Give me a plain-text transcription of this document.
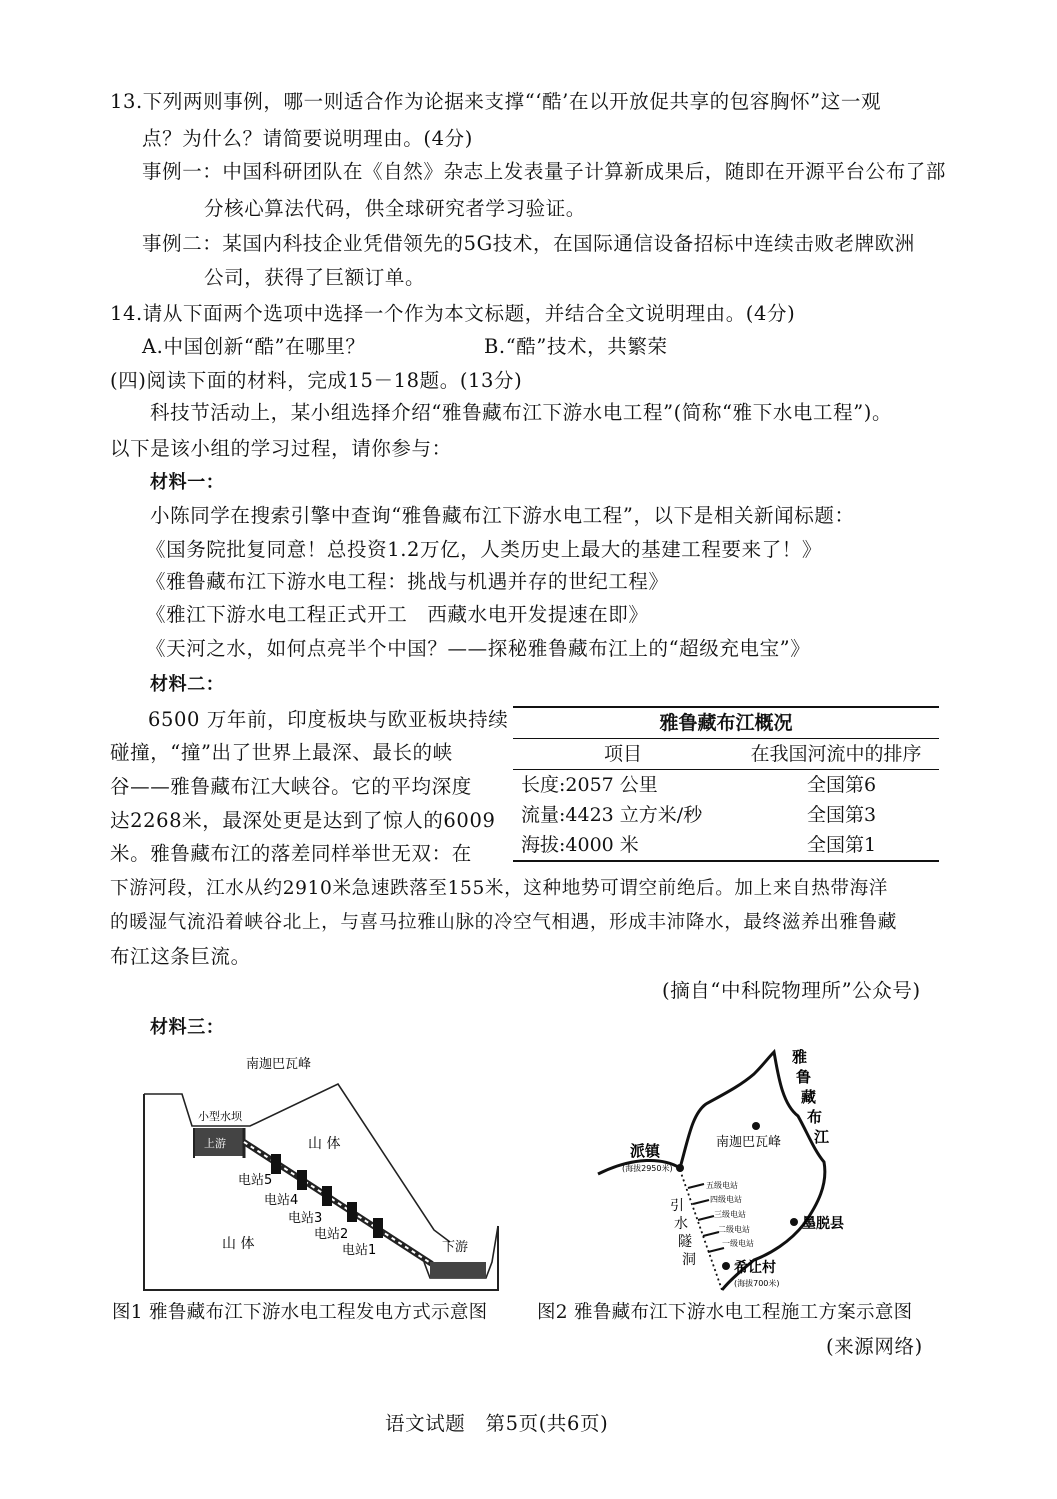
13.下列两则事例，哪一则适合作为论据来支撑“‘酷’在以开放促共享的包容胸怀”这一观
点？为什么？请简要说明理由。(4分)
事例一：中国科研团队在《自然》杂志上发表量子计算新成果后，随即在开源平台公布了部
分核心算法代码，供全球研究者学习验证。
事例二：某国内科技企业凭借领先的5G技术，在国际通信设备招标中连续击败老牌欧洲
公司，获得了巨额订单。
14.请从下面两个选项中选择一个作为本文标题，并结合全文说明理由。(4分)
A.中国创新“酷”在哪里？	B.“酷”技术，共繁荣
(四)阅读下面的材料，完成15－18题。(13分)
科技节活动上，某小组选择介绍“雅鲁藏布江下游水电工程”(简称“雅下水电工程”)。
以下是该小组的学习过程，请你参与：
材料一：
小陈同学在搜索引擎中查询“雅鲁藏布江下游水电工程”，以下是相关新闻标题：
《国务院批复同意！总投资1.2万亿，人类历史上最大的基建工程要来了！》
《雅鲁藏布江下游水电工程：挑战与机遇并存的世纪工程》
《雅江下游水电工程正式开工　西藏水电开发提速在即》
《天河之水，如何点亮半个中国？——探秘雅鲁藏布江上的“超级充电宝”》
材料二：
6500 万年前，印度板块与欧亚板块持续
碰撞，“撞”出了世界上最深、最长的峡
谷——雅鲁藏布江大峡谷。它的平均深度
达2268米，最深处更是达到了惊人的6009
米。雅鲁藏布江的落差同样举世无双：在
下游河段，江水从约2910米急速跌落至155米，这种地势可谓空前绝后。加上来自热带海洋
的暖湿气流沿着峡谷北上，与喜马拉雅山脉的冷空气相遇，形成丰沛降水，最终滋养出雅鲁藏
布江这条巨流。
(摘自“中科院物理所”公众号)
雅鲁藏布江概况
项目	在我国河流中的排序
长度:2057 公里	全国第6
流量:4423 立方米/秒	全国第3
海拔:4000 米	全国第1
材料三：
南迦巴瓦峰
小型水坝
上游	山 体
山 体
电站5
电站4
电站3
电站2
电站1	下游
图1 雅鲁藏布江下游水电工程发电方式示意图
雅
鲁
藏
布
江
南迦巴瓦峰
派镇
(海拔2950米)
引
水
隧
洞
五级电站
四级电站
三级电站
二级电站
一级电站
墨脱县
希让村
(海拔700米)
图2 雅鲁藏布江下游水电工程施工方案示意图
(来源网络)
语文试题　第5页(共6页)
